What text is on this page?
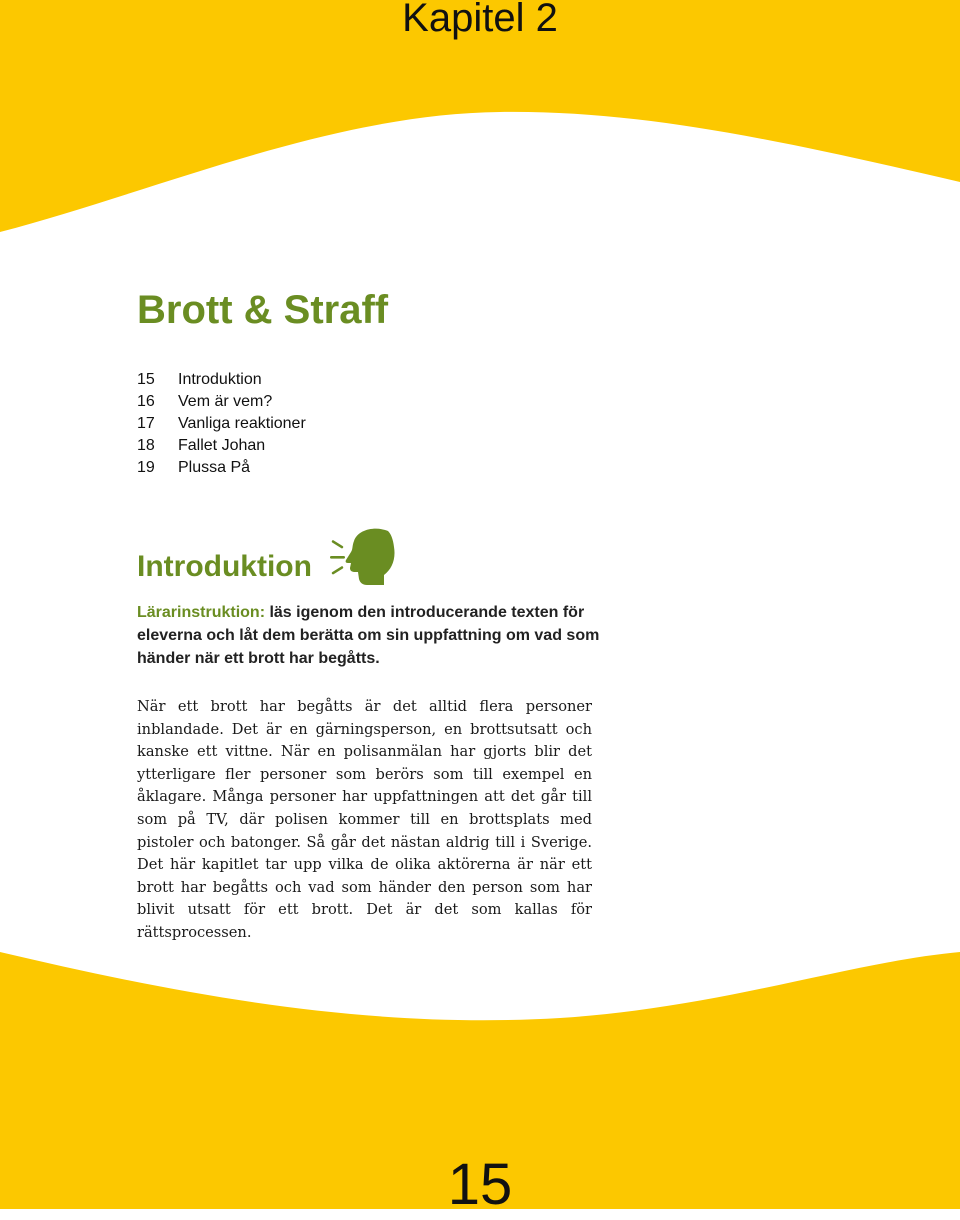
Kapitel 2
Brott & Straff
15 Introduktion
16 Vem är vem?
17 Vanliga reaktioner
18 Fallet Johan
19 Plussa På
Introduktion

Lärarinstruktion: läs igenom den introducerande texten för eleverna och låt dem berätta om sin uppfattning om vad som händer när ett brott har begåtts.

När ett brott har begåtts är det alltid flera personer inblandade. Det är en gärningsperson, en brottsutsatt och kanske ett vittne. När en polisanmälan har gjorts blir det ytterligare fler personer som berörs som till exempel en åklagare. Många personer har uppfattningen att det går till som på TV, där polisen kommer till en brottsplats med pistoler och batonger. Så går det nästan aldrig till i Sverige. Det här kapitlet tar upp vilka de olika aktörerna är när ett brott har begåtts och vad som händer den person som har blivit utsatt för ett brott. Det är det som kallas för rättsprocessen.

15
